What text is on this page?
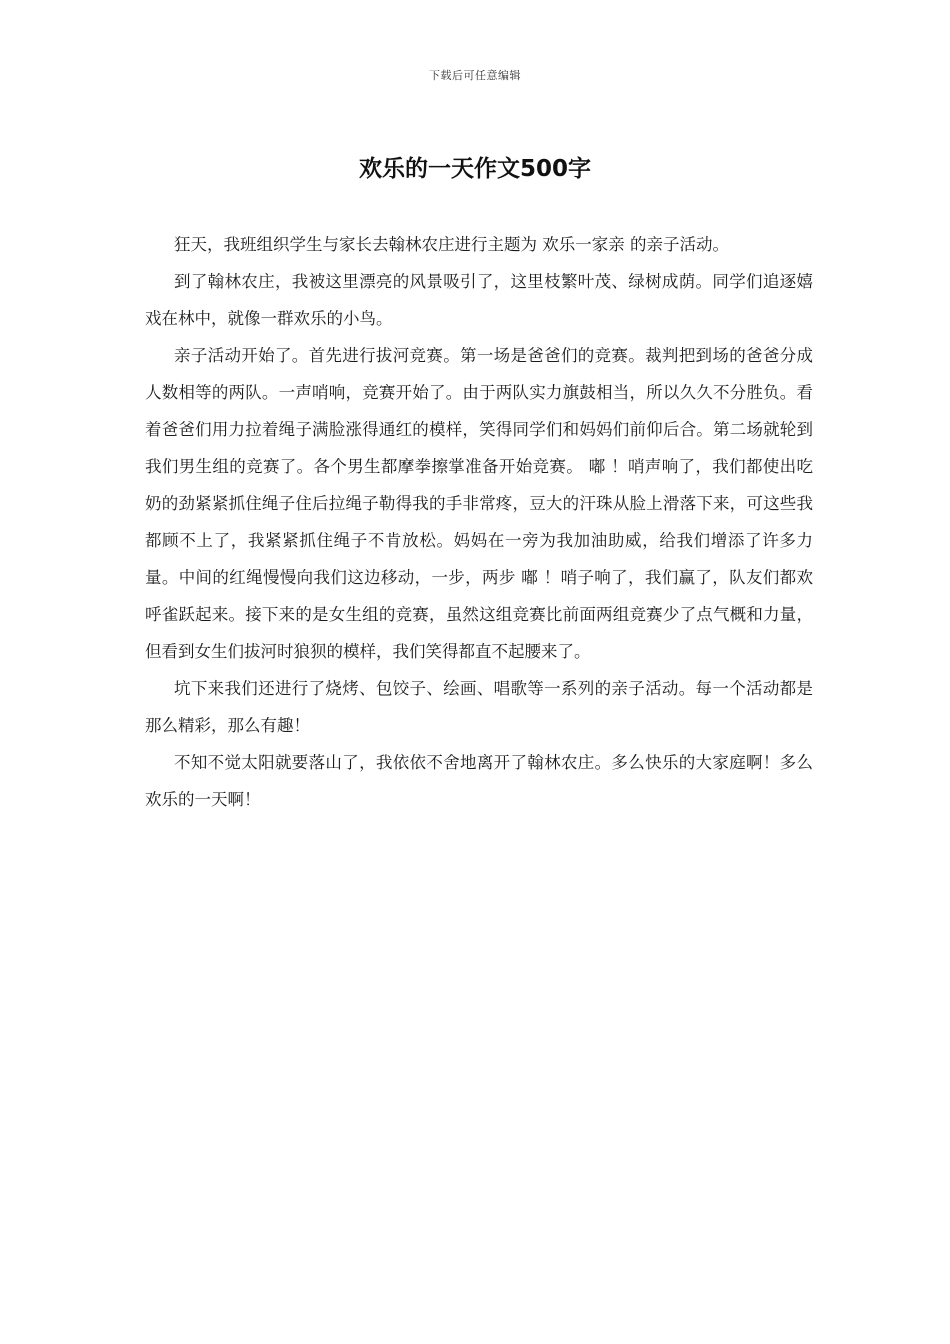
下载后可任意编辑
欢乐的一天作文500字

狂天，我班组织学生与家长去翰林农庄进行主题为 欢乐一家亲 的亲子活动。

到了翰林农庄，我被这里漂亮的风景吸引了，这里枝繁叶茂、绿树成荫。同学们追逐嬉戏在林中，就像一群欢乐的小鸟。

亲子活动开始了。首先进行拔河竞赛。第一场是爸爸们的竞赛。裁判把到场的爸爸分成人数相等的两队。一声哨响，竞赛开始了。由于两队实力旗鼓相当，所以久久不分胜负。看着爸爸们用力拉着绳子满脸涨得通红的模样，笑得同学们和妈妈们前仰后合。第二场就轮到我们男生组的竞赛了。各个男生都摩拳擦掌准备开始竞赛。 嘟 ！哨声响了，我们都使出吃奶的劲紧紧抓住绳子住后拉绳子勒得我的手非常疼，豆大的汗珠从脸上滑落下来，可这些我都顾不上了，我紧紧抓住绳子不肯放松。妈妈在一旁为我加油助威，给我们增添了许多力量。中间的红绳慢慢向我们这边移动，一步，两步 嘟 ！哨子响了，我们赢了，队友们都欢呼雀跃起来。接下来的是女生组的竞赛，虽然这组竞赛比前面两组竞赛少了点气概和力量，但看到女生们拔河时狼狈的模样，我们笑得都直不起腰来了。

坑下来我们还进行了烧烤、包饺子、绘画、唱歌等一系列的亲子活动。每一个活动都是那么精彩，那么有趣！

不知不觉太阳就要落山了，我依依不舍地离开了翰林农庄。多么快乐的大家庭啊！多么欢乐的一天啊！
